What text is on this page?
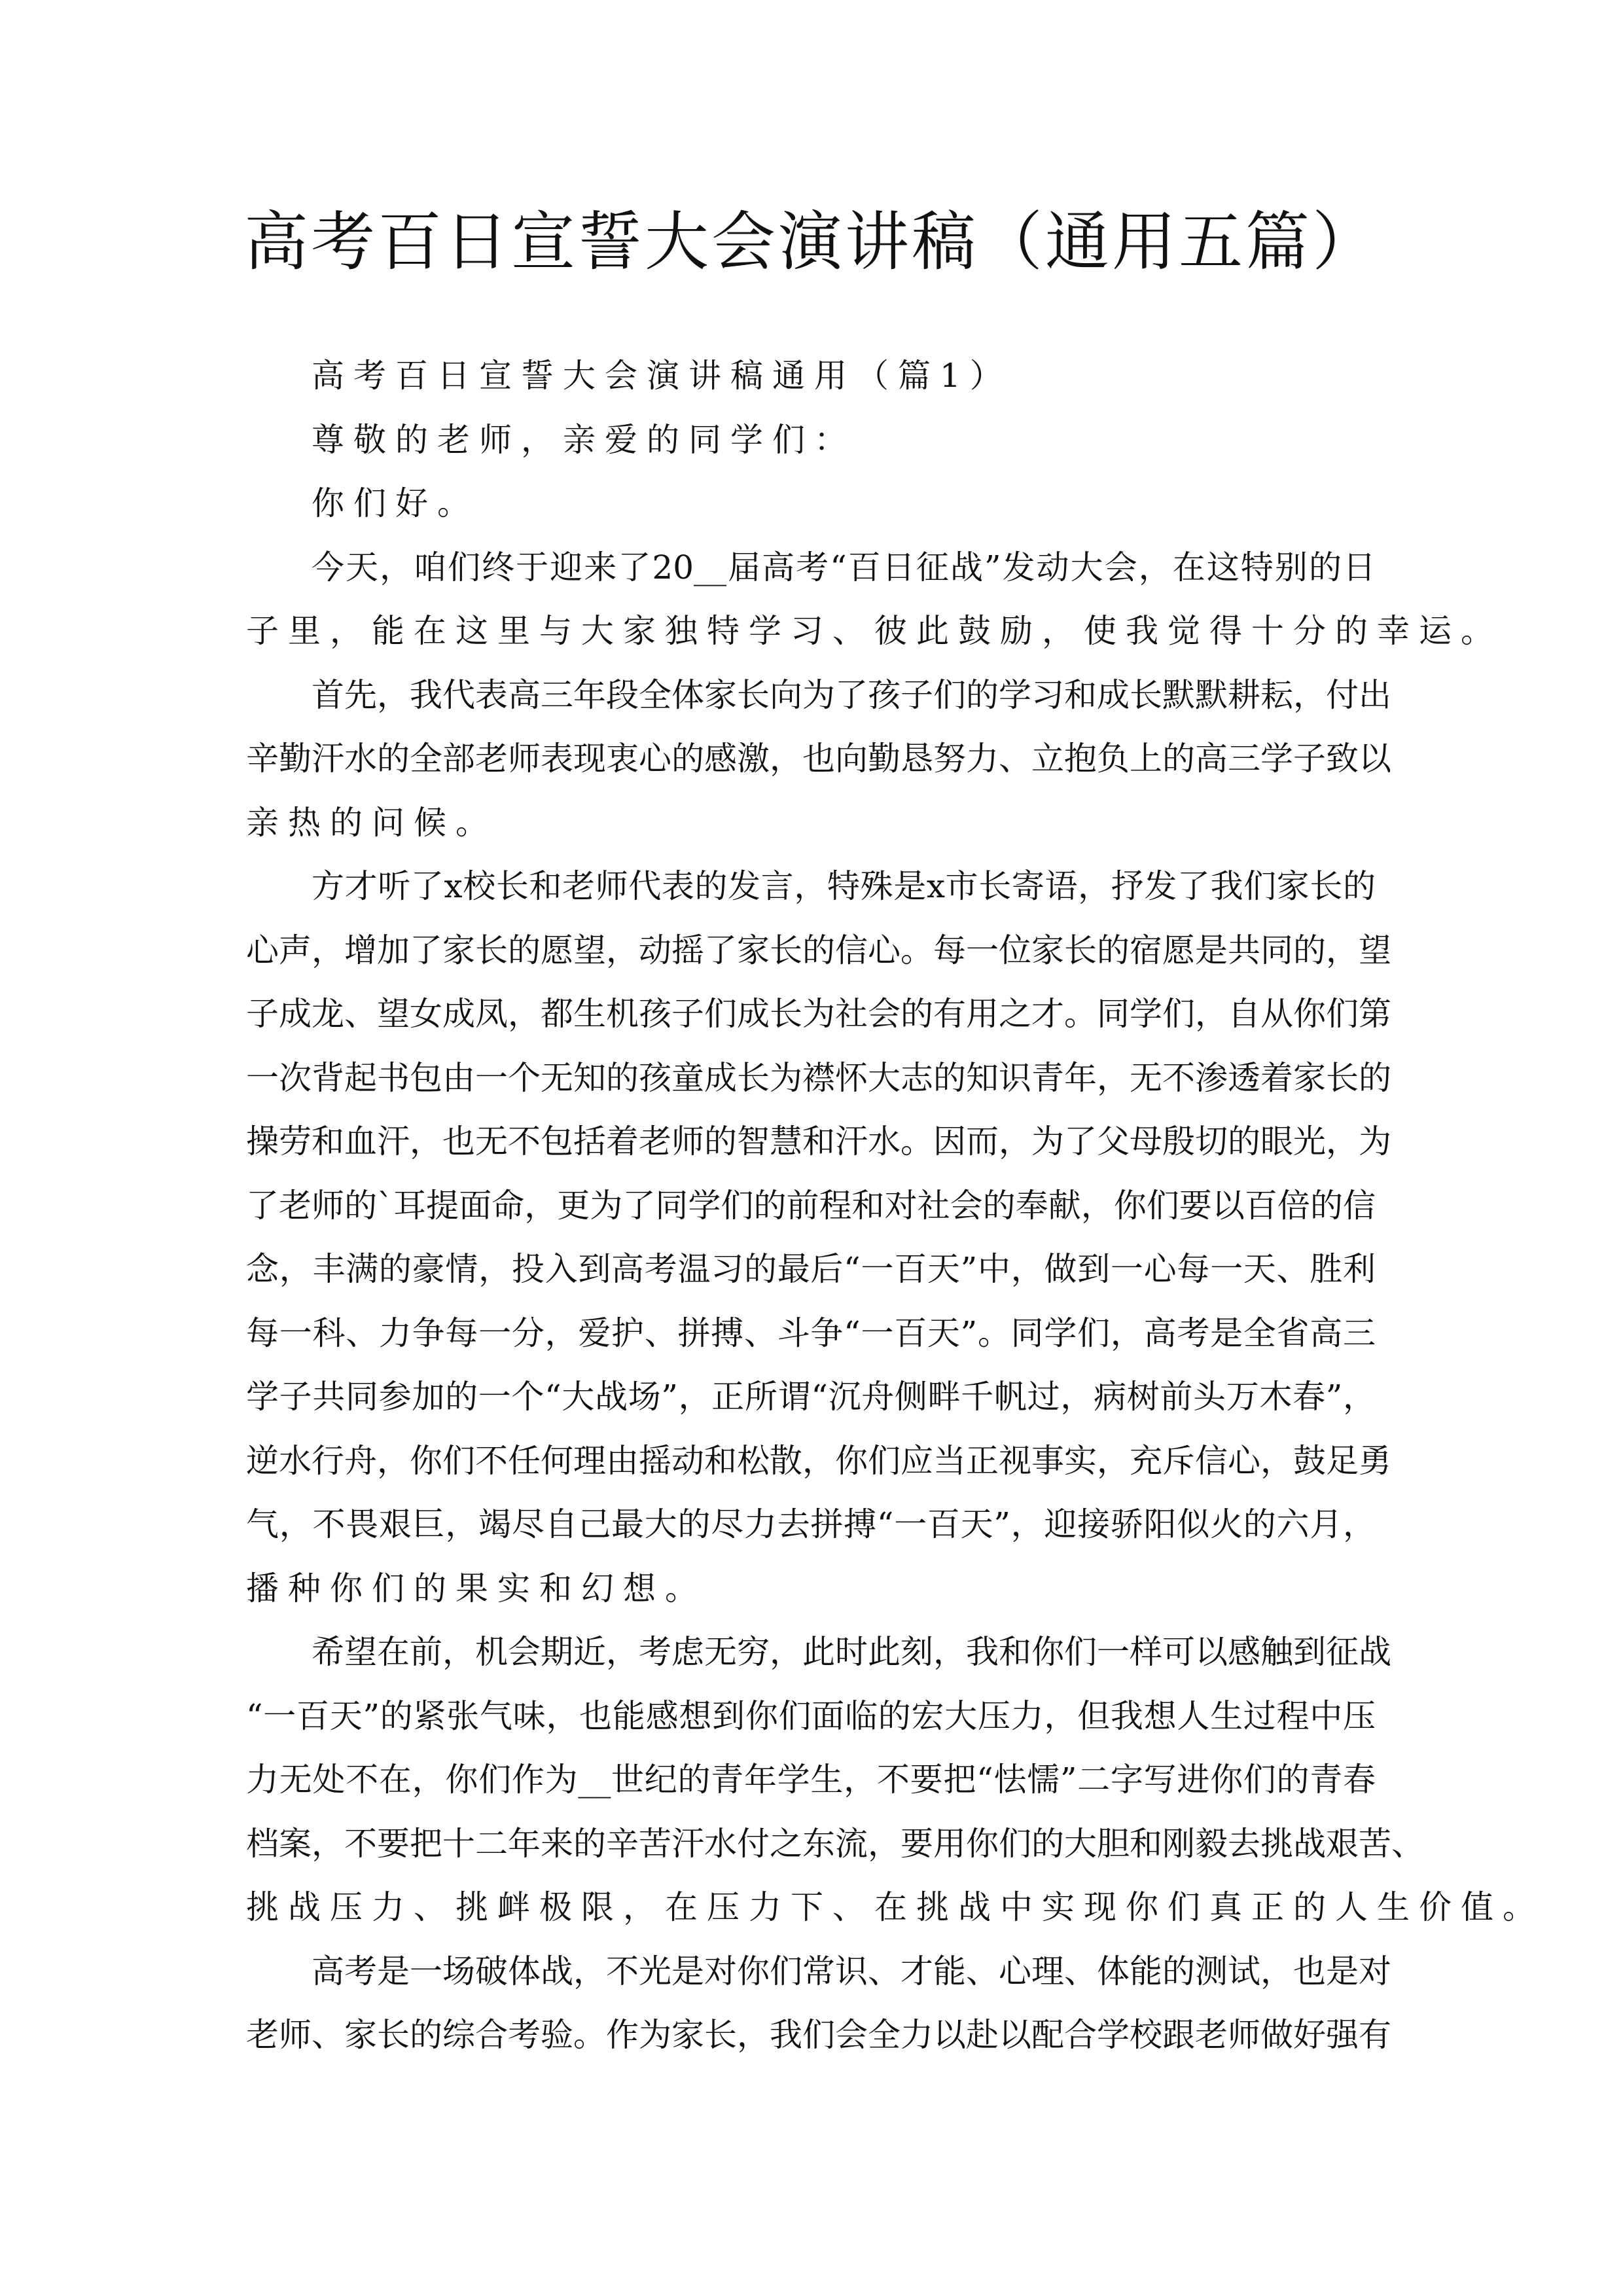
高考百日宣誓大会演讲稿（通用五篇）
高考百日宣誓大会演讲稿通用（篇1）
尊敬的老师，亲爱的同学们：
你们好。
今天，咱们终于迎来了20__届高考“百日征战”发动大会，在这特别的日
子里，能在这里与大家独特学习、彼此鼓励，使我觉得十分的幸运。
首先，我代表高三年段全体家长向为了孩子们的学习和成长默默耕耘，付出
辛勤汗水的全部老师表现衷心的感激，也向勤恳努力、立抱负上的高三学子致以
亲热的问候。
方才听了x校长和老师代表的发言，特殊是x市长寄语，抒发了我们家长的
心声，增加了家长的愿望，动摇了家长的信心。每一位家长的宿愿是共同的，望
子成龙、望女成凤，都生机孩子们成长为社会的有用之才。同学们，自从你们第
一次背起书包由一个无知的孩童成长为襟怀大志的知识青年，无不渗透着家长的
操劳和血汗，也无不包括着老师的智慧和汗水。因而，为了父母殷切的眼光，为
了老师的`耳提面命，更为了同学们的前程和对社会的奉献，你们要以百倍的信
念，丰满的豪情，投入到高考温习的最后“一百天”中，做到一心每一天、胜利
每一科、力争每一分，爱护、拼搏、斗争“一百天”。同学们，高考是全省高三
学子共同参加的一个“大战场”，正所谓“沉舟侧畔千帆过，病树前头万木春”，
逆水行舟，你们不任何理由摇动和松散，你们应当正视事实，充斥信心，鼓足勇
气，不畏艰巨，竭尽自己最大的尽力去拼搏“一百天”，迎接骄阳似火的六月，
播种你们的果实和幻想。
希望在前，机会期近，考虑无穷，此时此刻，我和你们一样可以感触到征战
“一百天”的紧张气味，也能感想到你们面临的宏大压力，但我想人生过程中压
力无处不在，你们作为__世纪的青年学生，不要把“怯懦”二字写进你们的青春
档案，不要把十二年来的辛苦汗水付之东流，要用你们的大胆和刚毅去挑战艰苦、
挑战压力、挑衅极限，在压力下、在挑战中实现你们真正的人生价值。
高考是一场破体战，不光是对你们常识、才能、心理、体能的测试，也是对
老师、家长的综合考验。作为家长，我们会全力以赴以配合学校跟老师做好强有
